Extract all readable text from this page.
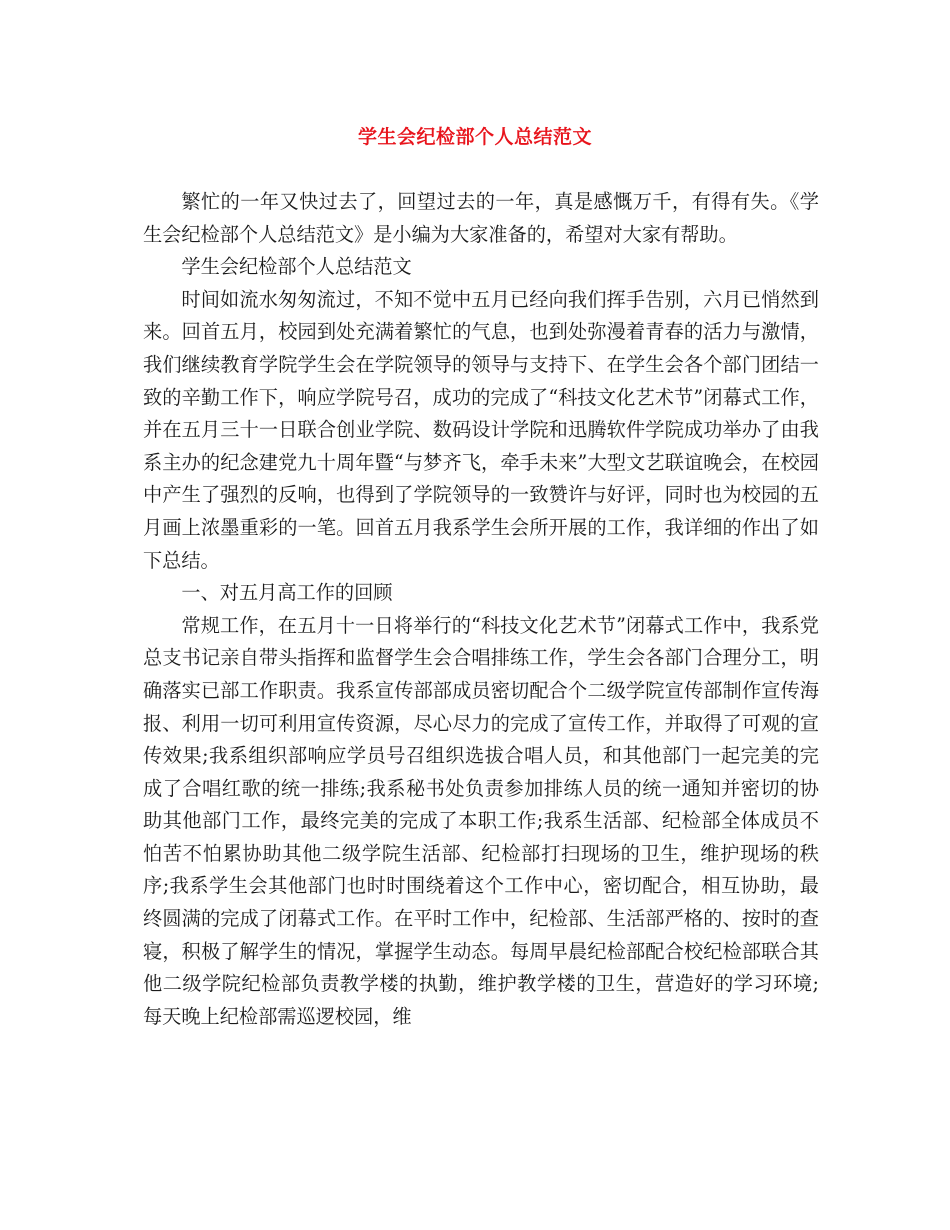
学生会纪检部个人总结范文

繁忙的一年又快过去了，回望过去的一年，真是感慨万千，有得有失。《学生会纪检部个人总结范文》是小编为大家准备的，希望对大家有帮助。

学生会纪检部个人总结范文

时间如流水匆匆流过，不知不觉中五月已经向我们挥手告别，六月已悄然到来。回首五月，校园到处充满着繁忙的气息，也到处弥漫着青春的活力与激情，我们继续教育学院学生会在学院领导的领导与支持下、在学生会各个部门团结一致的辛勤工作下，响应学院号召，成功的完成了“科技文化艺术节”闭幕式工作，并在五月三十一日联合创业学院、数码设计学院和迅腾软件学院成功举办了由我系主办的纪念建党九十周年暨“与梦齐飞，牵手未来”大型文艺联谊晚会，在校园中产生了强烈的反响，也得到了学院领导的一致赞许与好评，同时也为校园的五月画上浓墨重彩的一笔。回首五月我系学生会所开展的工作，我详细的作出了如下总结。

一、对五月高工作的回顾

常规工作，在五月十一日将举行的“科技文化艺术节”闭幕式工作中，我系党总支书记亲自带头指挥和监督学生会合唱排练工作，学生会各部门合理分工，明确落实已部工作职责。我系宣传部部成员密切配合个二级学院宣传部制作宣传海报、利用一切可利用宣传资源，尽心尽力的完成了宣传工作，并取得了可观的宣传效果;我系组织部响应学员号召组织选拔合唱人员，和其他部门一起完美的完成了合唱红歌的统一排练;我系秘书处负责参加排练人员的统一通知并密切的协助其他部门工作，最终完美的完成了本职工作;我系生活部、纪检部全体成员不怕苦不怕累协助其他二级学院生活部、纪检部打扫现场的卫生，维护现场的秩序;我系学生会其他部门也时时围绕着这个工作中心，密切配合，相互协助，最终圆满的完成了闭幕式工作。在平时工作中，纪检部、生活部严格的、按时的查寝，积极了解学生的情况，掌握学生动态。每周早晨纪检部配合校纪检部联合其他二级学院纪检部负责教学楼的执勤，维护教学楼的卫生，营造好的学习环境;每天晚上纪检部需巡逻校园，维
